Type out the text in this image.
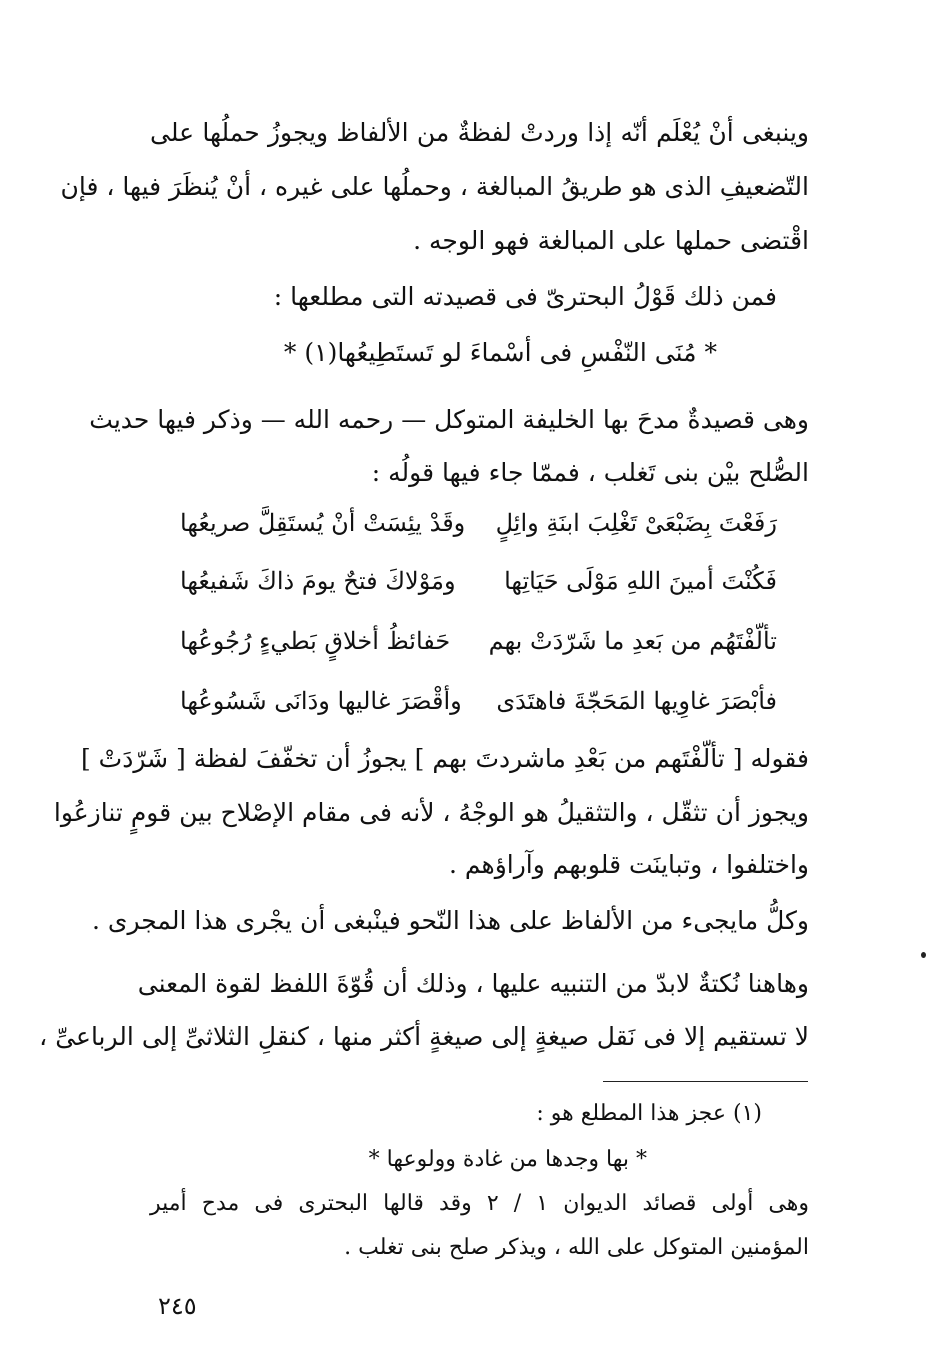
وينبغى أنْ يُعْلَم أنّه إذا وردتْ لفظةٌ من الألفاظ ويجوزُ حملُها على
التّضعيفِ الذى هو طريقُ المبالغة ، وحملُها على غيره ، أنْ يُنظَرَ فيها ، فإن
اقْتضى حملها على المبالغة فهو الوجه .
فمن ذلك قَوْلُ البحترىّ فى قصيدته التى مطلعها :
* مُنَى النّفْسِ فى أسْماءَ لو تَستَطِيعُها(١) *
وهى قصيدةٌ مدحَ بها الخليفة المتوكل — رحمه الله — وذكر فيها حديث
الصُّلح بيْن بنى تَغلب ، فممّا جاء فيها قولُه :
رَفَعْتَ بِضَبْعَىْ تَغْلِبَ ابنَةِ وائِلٍ
وقَدْ يئِسَتْ أنْ يُستَقِلَّ صريعُها
فَكُنْتَ أمينَ اللهِ مَوْلَى حَيَاتِها
ومَوْلاكَ فتحٌ يومَ ذاكَ شَفيعُها
تألّفْتَهُم من بَعدِ ما شَرّدَتْ بهم
حَفائظُ أخلاقٍ بَطيءٍ رُجُوعُها
فأبْصَرَ غاوِيها المَحَجّةَ فاهتَدَى
وأقْصَرَ غاليها ودَانَى شَسُوعُها
فقوله [ تألّفْتَهم من بَعْدِ ماشردتَ بهم ] يجوزُ أن تخفّفَ لفظة [ شَرّدَتْ ]
ويجوز أن تثقّل ، والتثقيلُ هو الوجْهُ ، لأنه فى مقام الإصْلاح بين قومٍ تنازعُوا
واختلفوا ، وتباينَت قلوبهم وآراؤهم .
وكلُّ مايجىء من الألفاظ على هذا النّحو فينْبغى أن يجْرى هذا المجرى .
وهاهنا نُكتةٌ لابدّ من التنبيه عليها ، وذلك أن قُوّةَ اللفظ لقوة المعنى
لا تستقيم إلا فى نَقل صيغةٍ إلى صيغةٍ أكثر منها ، كنقلِ الثلاثىِّ إلى الرباعىِّ ،
(١) عجز هذا المطلع هو :
* بها وجدها من غادة وولوعها *
وهى أولى قصائد الديوان ١ / ٢ وقد قالها البحترى فى مدح أمير
المؤمنين المتوكل على الله ، ويذكر صلح بنى تغلب .
٢٤٥
